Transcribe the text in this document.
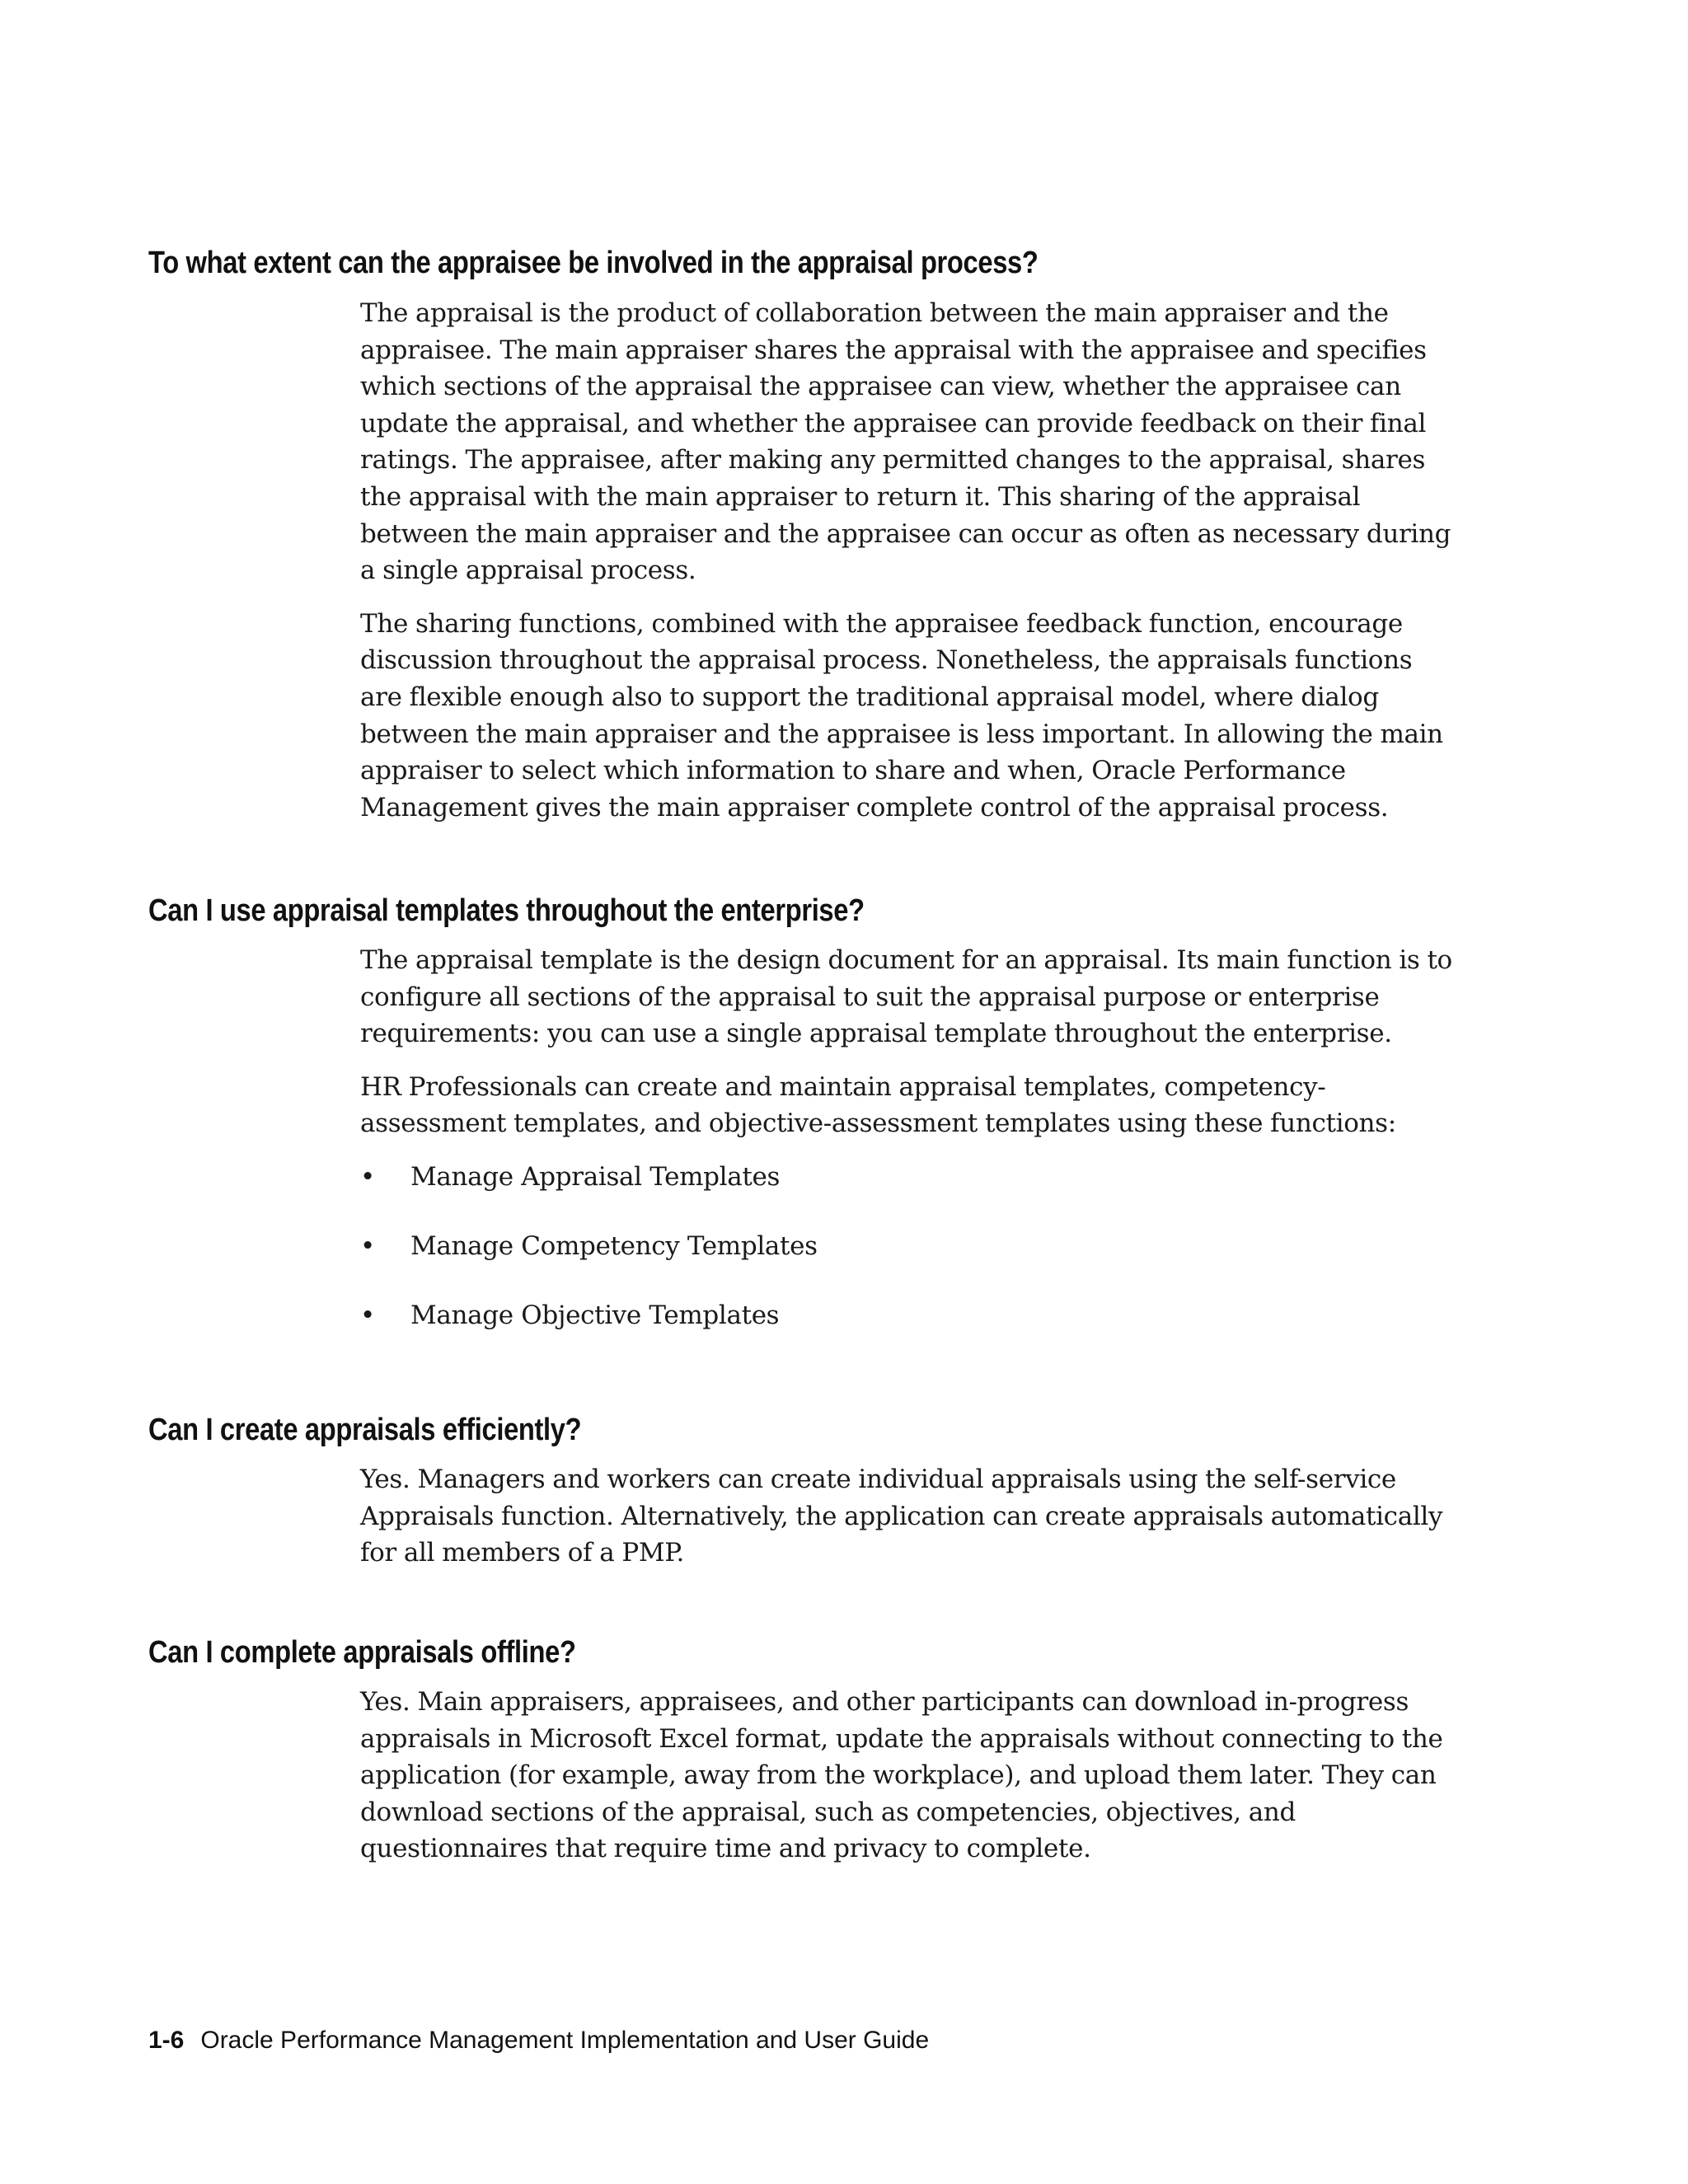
To what extent can the appraisee be involved in the appraisal process?

The appraisal is the product of collaboration between the main appraiser and the appraisee. The main appraiser shares the appraisal with the appraisee and specifies which sections of the appraisal the appraisee can view, whether the appraisee can update the appraisal, and whether the appraisee can provide feedback on their final ratings. The appraisee, after making any permitted changes to the appraisal, shares the appraisal with the main appraiser to return it. This sharing of the appraisal between the main appraiser and the appraisee can occur as often as necessary during a single appraisal process.

The sharing functions, combined with the appraisee feedback function, encourage discussion throughout the appraisal process. Nonetheless, the appraisals functions are flexible enough also to support the traditional appraisal model, where dialog between the main appraiser and the appraisee is less important. In allowing the main appraiser to select which information to share and when, Oracle Performance Management gives the main appraiser complete control of the appraisal process.

Can I use appraisal templates throughout the enterprise?

The appraisal template is the design document for an appraisal. Its main function is to configure all sections of the appraisal to suit the appraisal purpose or enterprise requirements: you can use a single appraisal template throughout the enterprise.

HR Professionals can create and maintain appraisal templates, competency-assessment templates, and objective-assessment templates using these functions:

• Manage Appraisal Templates
• Manage Competency Templates
• Manage Objective Templates
Can I create appraisals efficiently?

Yes. Managers and workers can create individual appraisals using the self-service Appraisals function. Alternatively, the application can create appraisals automatically for all members of a PMP.

Can I complete appraisals offline?

Yes. Main appraisers, appraisees, and other participants can download in-progress appraisals in Microsoft Excel format, update the appraisals without connecting to the application (for example, away from the workplace), and upload them later. They can download sections of the appraisal, such as competencies, objectives, and questionnaires that require time and privacy to complete.

1-6 Oracle Performance Management Implementation and User Guide
